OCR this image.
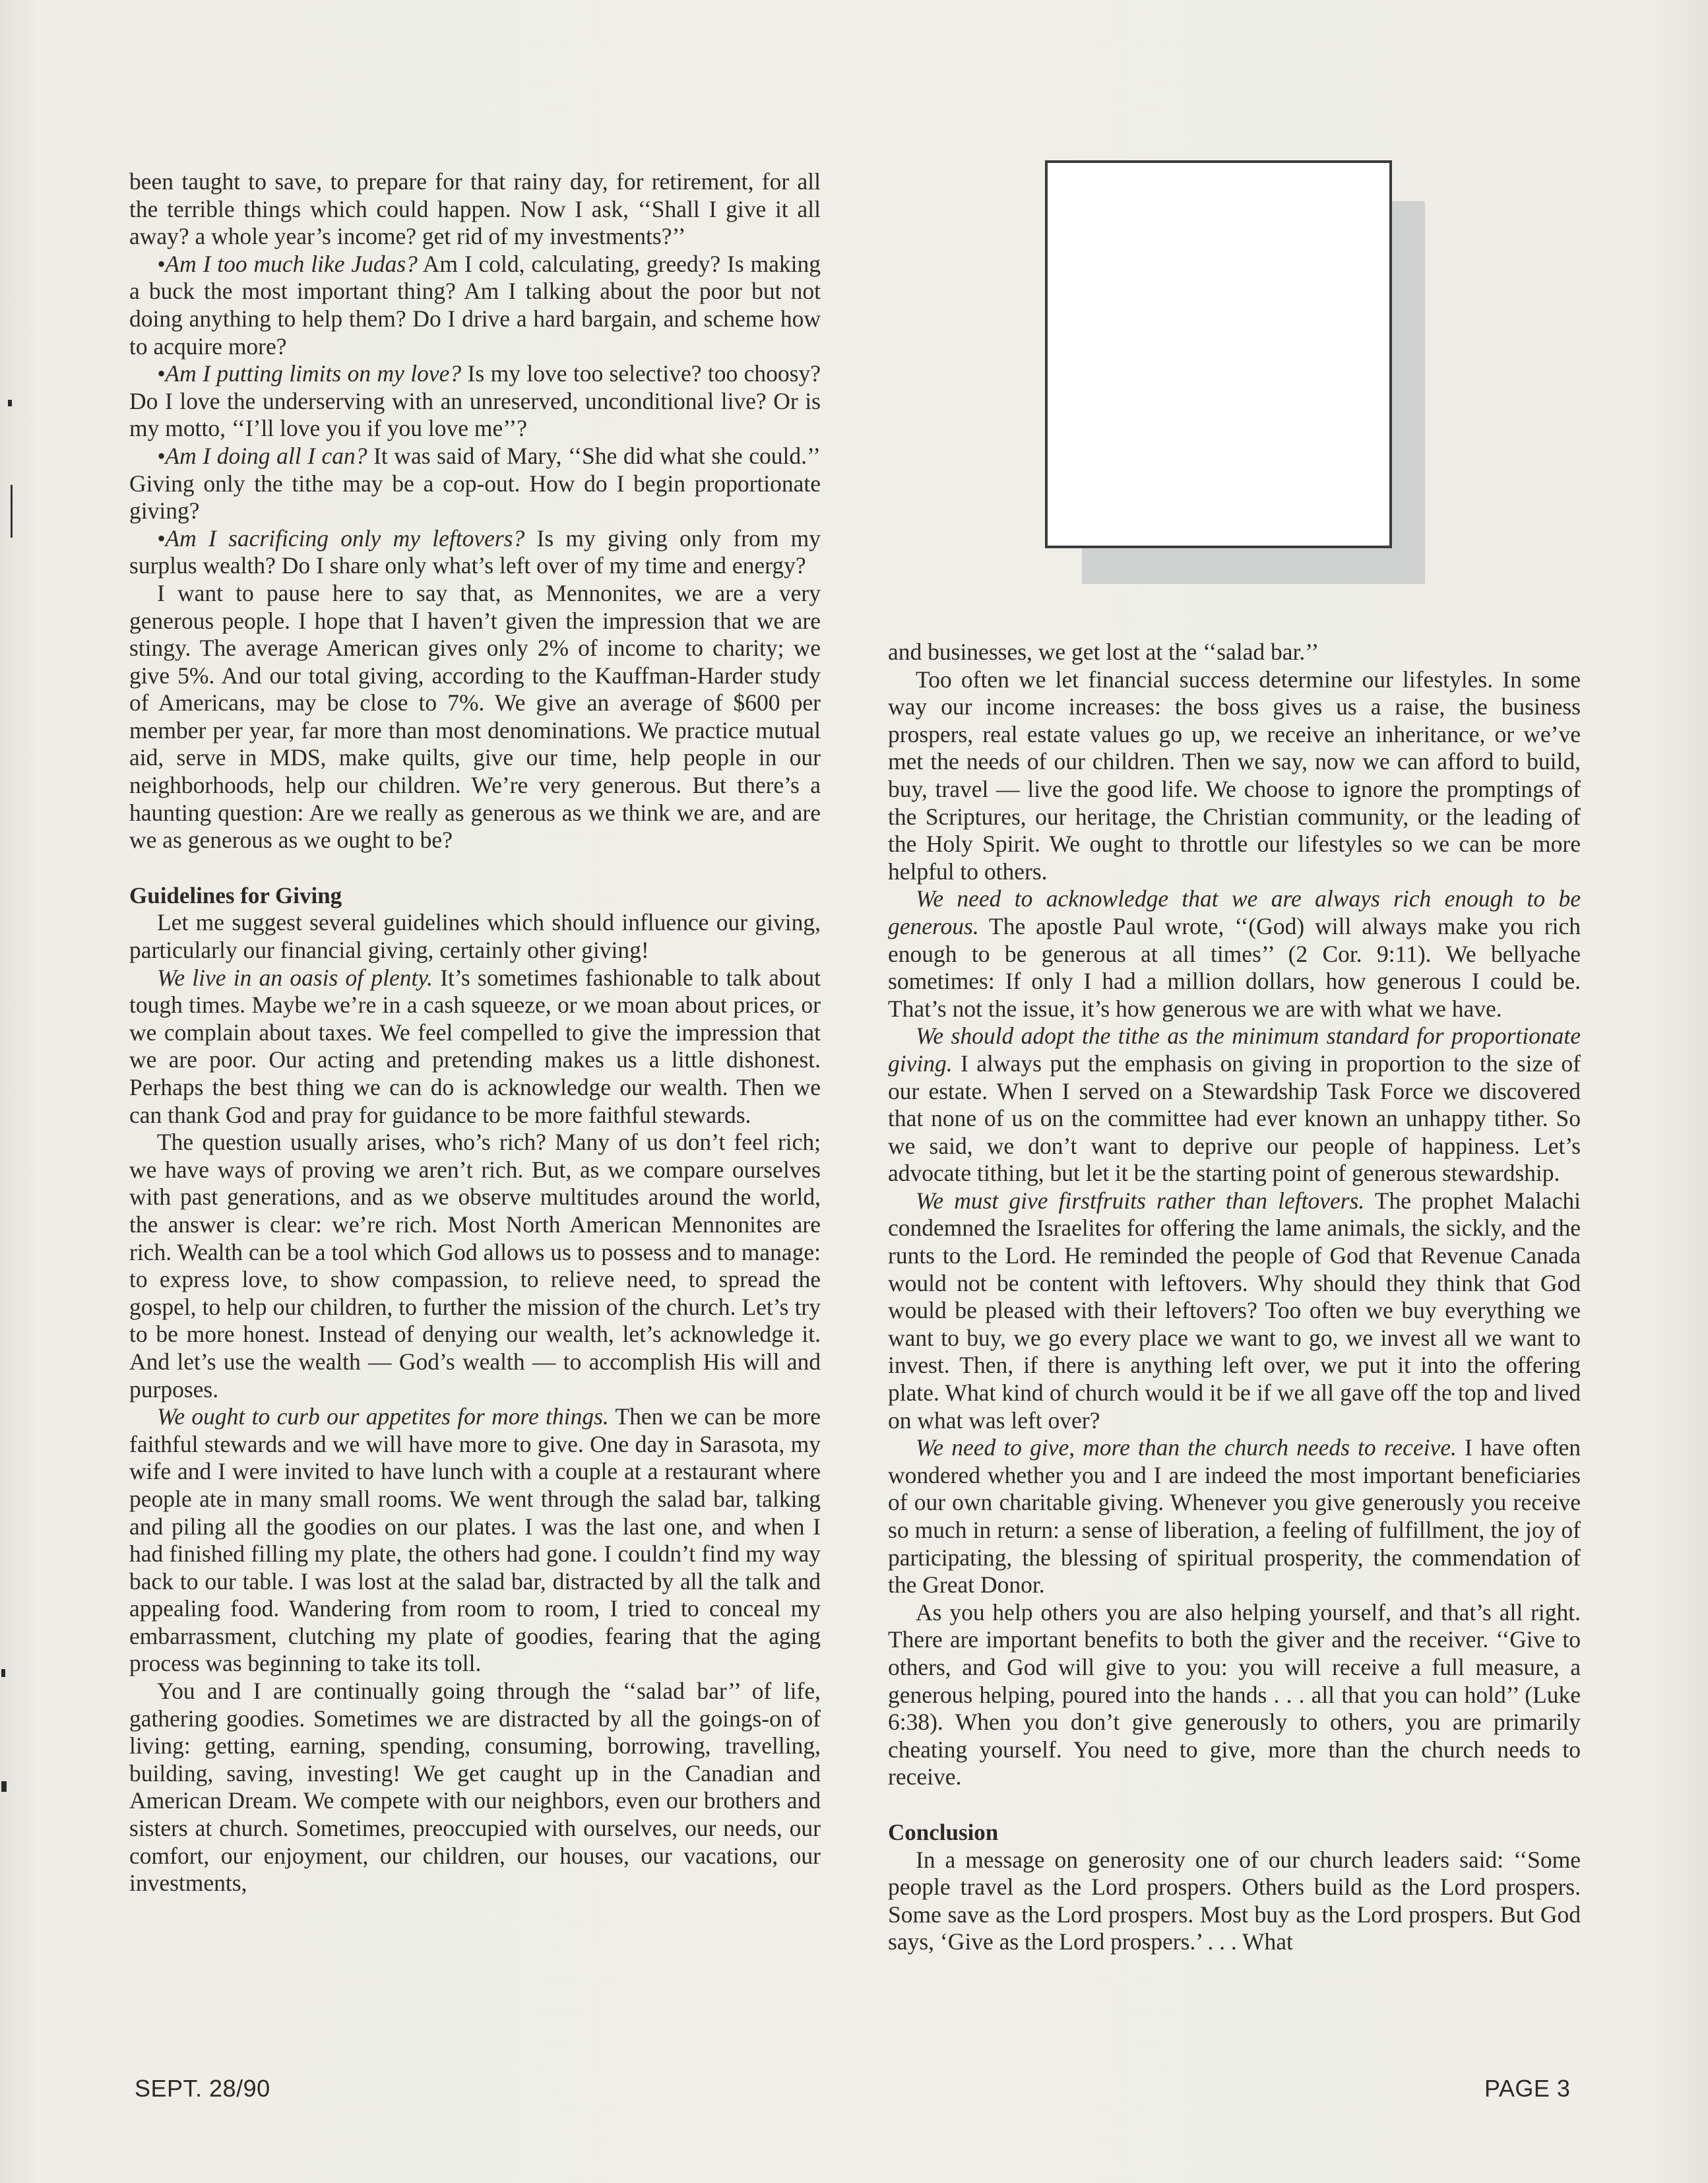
been taught to save, to prepare for that rainy day, for retirement, for all the terrible things which could happen. Now I ask, ‘‘Shall I give it all away? a whole year’s income? get rid of my investments?’’

•Am I too much like Judas? Am I cold, calculating, greedy? Is making a buck the most important thing? Am I talking about the poor but not doing anything to help them? Do I drive a hard bargain, and scheme how to acquire more?

•Am I putting limits on my love? Is my love too selective? too choosy? Do I love the underserving with an unreserved, unconditional live? Or is my motto, ‘‘I’ll love you if you love me’’?

•Am I doing all I can? It was said of Mary, ‘‘She did what she could.’’ Giving only the tithe may be a cop-out. How do I begin proportionate giving?

•Am I sacrificing only my leftovers? Is my giving only from my surplus wealth? Do I share only what’s left over of my time and energy?

I want to pause here to say that, as Mennonites, we are a very generous people. I hope that I haven’t given the impression that we are stingy. The average American gives only 2% of income to charity; we give 5%. And our total giving, according to the Kauffman-Harder study of Americans, may be close to 7%. We give an average of $600 per member per year, far more than most denominations. We practice mutual aid, serve in MDS, make quilts, give our time, help people in our neighborhoods, help our children. We’re very generous. But there’s a haunting question: Are we really as generous as we think we are, and are we as generous as we ought to be?

Guidelines for Giving

Let me suggest several guidelines which should influence our giving, particularly our financial giving, certainly other giving!

We live in an oasis of plenty. It’s sometimes fashionable to talk about tough times. Maybe we’re in a cash squeeze, or we moan about prices, or we complain about taxes. We feel compelled to give the impression that we are poor. Our acting and pretending makes us a little dishonest. Perhaps the best thing we can do is acknowledge our wealth. Then we can thank God and pray for guidance to be more faithful stewards.

The question usually arises, who’s rich? Many of us don’t feel rich; we have ways of proving we aren’t rich. But, as we compare ourselves with past generations, and as we observe multitudes around the world, the answer is clear: we’re rich. Most North American Mennonites are rich. Wealth can be a tool which God allows us to possess and to manage: to express love, to show compassion, to relieve need, to spread the gospel, to help our children, to further the mission of the church. Let’s try to be more honest. Instead of denying our wealth, let’s acknowledge it. And let’s use the wealth — God’s wealth — to accomplish His will and purposes.

We ought to curb our appetites for more things. Then we can be more faithful stewards and we will have more to give. One day in Sarasota, my wife and I were invited to have lunch with a couple at a restaurant where people ate in many small rooms. We went through the salad bar, talking and piling all the goodies on our plates. I was the last one, and when I had finished filling my plate, the others had gone. I couldn’t find my way back to our table. I was lost at the salad bar, distracted by all the talk and appealing food. Wandering from room to room, I tried to conceal my embarrassment, clutching my plate of goodies, fearing that the aging process was beginning to take its toll.

You and I are continually going through the ‘‘salad bar’’ of life, gathering goodies. Sometimes we are distracted by all the goings-on of living: getting, earning, spending, consuming, borrowing, travelling, building, saving, investing! We get caught up in the Canadian and American Dream. We compete with our neighbors, even our brothers and sisters at church. Sometimes, preoccupied with ourselves, our needs, our comfort, our enjoyment, our children, our houses, our vacations, our investments,

and businesses, we get lost at the ‘‘salad bar.’’

Too often we let financial success determine our lifestyles. In some way our income increases: the boss gives us a raise, the business prospers, real estate values go up, we receive an inheritance, or we’ve met the needs of our children. Then we say, now we can afford to build, buy, travel — live the good life. We choose to ignore the promptings of the Scriptures, our heritage, the Christian community, or the leading of the Holy Spirit. We ought to throttle our lifestyles so we can be more helpful to others.

We need to acknowledge that we are always rich enough to be generous. The apostle Paul wrote, ‘‘(God) will always make you rich enough to be generous at all times’’ (2 Cor. 9:11). We bellyache sometimes: If only I had a million dollars, how generous I could be. That’s not the issue, it’s how generous we are with what we have.

We should adopt the tithe as the minimum standard for proportionate giving. I always put the emphasis on giving in proportion to the size of our estate. When I served on a Stewardship Task Force we discovered that none of us on the committee had ever known an unhappy tither. So we said, we don’t want to deprive our people of happiness. Let’s advocate tithing, but let it be the starting point of generous stewardship.

We must give firstfruits rather than leftovers. The prophet Malachi condemned the Israelites for offering the lame animals, the sickly, and the runts to the Lord. He reminded the people of God that Revenue Canada would not be content with leftovers. Why should they think that God would be pleased with their leftovers? Too often we buy everything we want to buy, we go every place we want to go, we invest all we want to invest. Then, if there is anything left over, we put it into the offering plate. What kind of church would it be if we all gave off the top and lived on what was left over?

We need to give, more than the church needs to receive. I have often wondered whether you and I are indeed the most important beneficiaries of our own charitable giving. Whenever you give generously you receive so much in return: a sense of liberation, a feeling of fulfillment, the joy of participating, the blessing of spiritual prosperity, the commendation of the Great Donor.

As you help others you are also helping yourself, and that’s all right. There are important benefits to both the giver and the receiver. ‘‘Give to others, and God will give to you: you will receive a full measure, a generous helping, poured into the hands . . . all that you can hold’’ (Luke 6:38). When you don’t give generously to others, you are primarily cheating yourself. You need to give, more than the church needs to receive.

Conclusion

In a message on generosity one of our church leaders said: ‘‘Some people travel as the Lord prospers. Others build as the Lord prospers. Some save as the Lord prospers. Most buy as the Lord prospers. But God says, ‘Give as the Lord prospers.’ . . . What

SEPT. 28/90	PAGE 3
